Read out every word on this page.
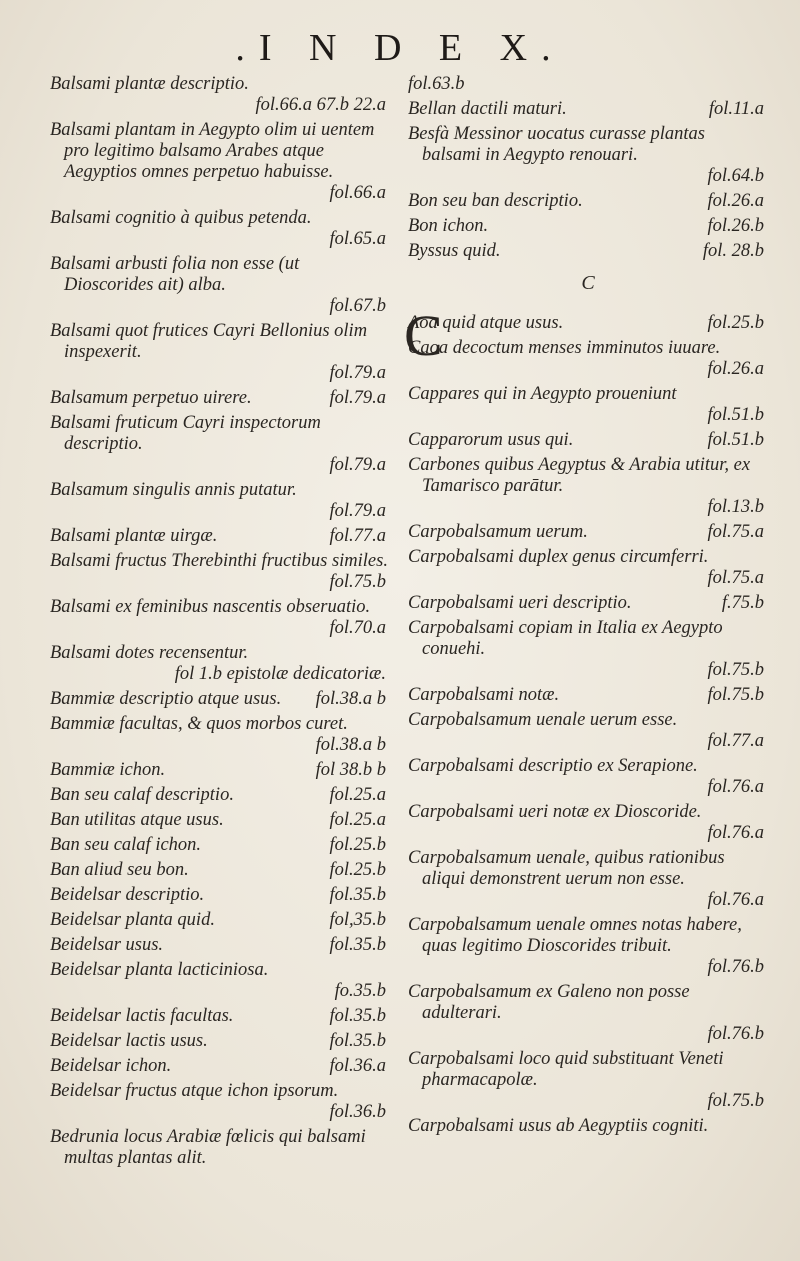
.I N D E X.
Balsami plantæ descriptio.
fol.66.a 67.b 22.a
Balsami plantam in Aegypto olim ui uentem pro legitimo balsamo Arabes atque Aegyptios omnes perpetuo habuisse.
fol.66.a
Balsami cognitio à quibus petenda.
fol.65.a
Balsami arbusti folia non esse (ut Dioscorides ait) alba.
fol.67.b
Balsami quot frutices Cayri Bellonius olim inspexerit.
fol.79.a
Balsamum perpetuo uirere.	fol.79.a
Balsami fruticum Cayri inspectorum descriptio.
fol.79.a
Balsamum singulis annis putatur.
fol.79.a
Balsami plantæ uirgæ.	fol.77.a
Balsami fructus Therebinthi fructibus similes.
fol.75.b
Balsami ex feminibus nascentis obseruatio.
fol.70.a
Balsami dotes recensentur.
fol 1.b epistolæ dedicatoriæ.
Bammiæ descriptio atque usus. fol.38.a b
Bammiæ facultas, & quos morbos curet.
fol.38.a b
Bammiæ ichon.	fol 38.b b
Ban seu calaf descriptio.	fol.25.a
Ban utilitas atque usus.	fol.25.a
Ban seu calaf ichon.	fol.25.b
Ban aliud seu bon.	fol.25.b
Beidelsar descriptio.	fol.35.b
Beidelsar planta quid.	fol,35.b
Beidelsar usus.	fol.35.b
Beidelsar planta lacticiniosa.
fo.35.b
Beidelsar lactis facultas.	fol.35.b
Beidelsar lactis usus.	fol.35.b
Beidelsar ichon.	fol.36.a
Beidelsar fructus atque ichon ipsorum.
fol.36.b
Bedrunia locus Arabiæ fœlicis qui balsami multas plantas alit.
fol.63.b
Bellan dactili maturi.	fol.11.a
Besfà Messinor uocatus curasse plantas balsami in Aegypto renouari.
fol.64.b
Bon seu ban descriptio.	fol.26.a
Bon ichon.	fol.26.b
Byssus quid.	fol. 28.b
C
C
Aoa quid atque usus.	fol.25.b
Caoa decoctum menses imminutos iuuare.
fol.26.a
Cappares qui in Aegypto proueniunt
fol.51.b
Capparorum usus qui.	fol.51.b
Carbones quibus Aegyptus & Arabia utitur, ex Tamarisco parātur.
fol.13.b
Carpobalsamum uerum.	fol.75.a
Carpobalsami duplex genus circumferri.
fol.75.a
Carpobalsami ueri descriptio.	f.75.b
Carpobalsami copiam in Italia ex Aegypto conuehi.
fol.75.b
Carpobalsami notæ.	fol.75.b
Carpobalsamum uenale uerum esse.
fol.77.a
Carpobalsami descriptio ex Serapione.
fol.76.a
Carpobalsami ueri notæ ex Dioscoride.
fol.76.a
Carpobalsamum uenale, quibus rationibus aliqui demonstrent uerum non esse.
fol.76.a
Carpobalsamum uenale omnes notas habere, quas legitimo Dioscorides tribuit.
fol.76.b
Carpobalsamum ex Galeno non posse adulterari.
fol.76.b
Carpobalsami loco quid substituant Veneti pharmacapolæ.
fol.75.b
Carpobalsami usus ab Aegyptiis cogniti.
